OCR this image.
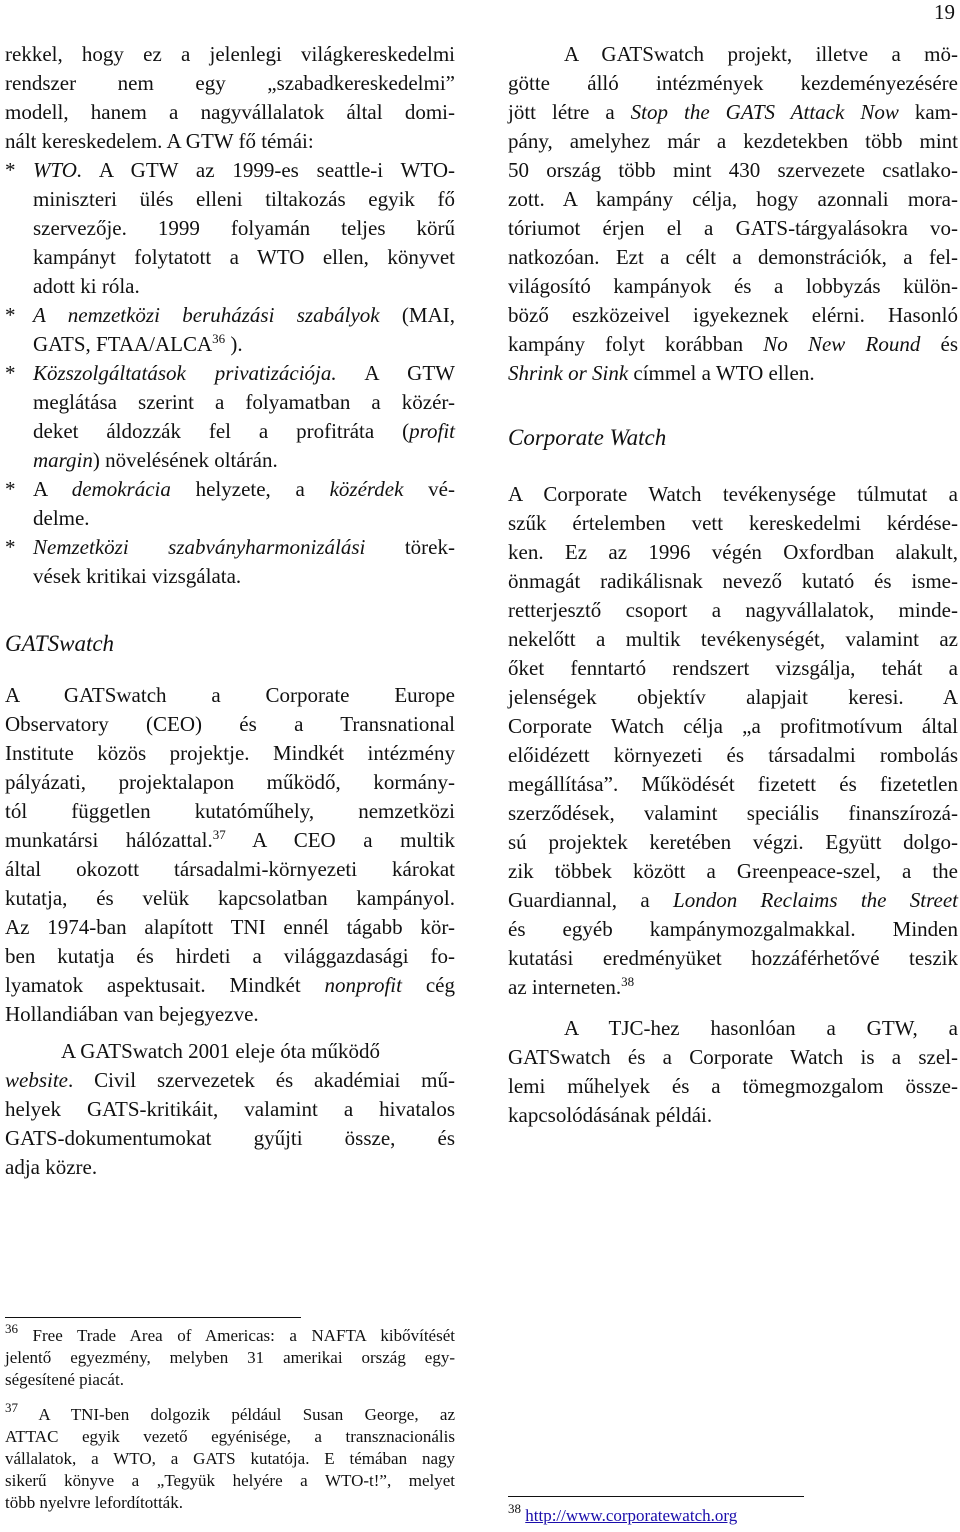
19
rekkel, hogy ez a jelenlegi világkereskedelmi
rendszer nem egy „szabadkereskedelmi”
modell, hanem a nagyvállalatok által domi-
nált kereskedelem. A GTW fő témái:
* WTO. A GTW az 1999-es seattle-i WTO-
miniszteri ülés elleni tiltakozás egyik fő
szervezője. 1999 folyamán teljes körű
kampányt folytatott a WTO ellen, könyvet
adott ki róla.
* A nemzetközi beruházási szabályok (MAI,
GATS, FTAA/ALCA$^{36}$ ).
* Közszolgáltatások privatizációja. A GTW
meglátása szerint a folyamatban a közér-
deket áldozzák fel a profitráta (profit
margin) növelésének oltárán.
* A demokrácia helyzete, a közérdek vé-
delme.
* Nemzetközi szabványharmonizálási törek-
vések kritikai vizsgálata.
GATSwatch
A GATSwatch a Corporate Europe
Observatory (CEO) és a Transnational
Institute közös projektje. Mindkét intézmény
pályázati, projektalapon működő, kormány-
tól független kutatóműhely, nemzetközi
munkatársi hálózattal.$^{37}$ A CEO a multik
által okozott társadalmi-környezeti károkat
kutatja, és velük kapcsolatban kampányol.
Az 1974-ban alapított TNI ennél tágabb kör-
ben kutatja és hirdeti a világgazdasági fo-
lyamatok aspektusait. Mindkét nonprofit cég
Hollandiában van bejegyezve.
A GATSwatch 2001 eleje óta működő
website. Civil szervezetek és akadémiai mű-
helyek GATS-kritikáit, valamint a hivatalos
GATS-dokumentumokat gyűjti össze, és
adja közre.
A GATSwatch projekt, illetve a mö-
götte álló intézmények kezdeményezésére
jött létre a Stop the GATS Attack Now kam-
pány, amelyhez már a kezdetekben több mint
50 ország több mint 430 szervezete csatlako-
zott. A kampány célja, hogy azonnali mora-
tóriumot érjen el a GATS-tárgyalásokra vo-
natkozóan. Ezt a célt a demonstrációk, a fel-
világosító kampányok és a lobbyzás külön-
böző eszközeivel igyekeznek elérni. Hasonló
kampány folyt korábban No New Round és
Shrink or Sink címmel a WTO ellen.
Corporate Watch
A Corporate Watch tevékenysége túlmutat a
szűk értelemben vett kereskedelmi kérdése-
ken. Ez az 1996 végén Oxfordban alakult,
önmagát radikálisnak nevező kutató és isme-
retterjesztő csoport a nagyvállalatok, minde-
nekelőtt a multik tevékenységét, valamint az
őket fenntartó rendszert vizsgálja, tehát a
jelenségek objektív alapjait keresi. A
Corporate Watch célja „a profitmotívum által
előidézett környezeti és társadalmi rombolás
megállítása”. Működését fizetett és fizetetlen
szerződések, valamint speciális finanszírozá-
sú projektek keretében végzi. Együtt dolgo-
zik többek között a Greenpeace-szel, a the
Guardiannal, a London Reclaims the Street
és egyéb kampánymozgalmakkal. Minden
kutatási eredményüket hozzáférhetővé teszik
az interneten.$^{38}$
A TJC-hez hasonlóan a GTW, a
GATSwatch és a Corporate Watch is a szel-
lemi műhelyek és a tömegmozgalom össze-
kapcsolódásának példái.
$^{36}$ Free Trade Area of Americas: a NAFTA kibővítését
jelentő egyezmény, melyben 31 amerikai ország egy-
ségesítené piacát.
$^{37}$ A TNI-ben dolgozik például Susan George, az
ATTAC egyik vezető egyénisége, a transznacionális
vállalatok, a WTO, a GATS kutatója. E témában nagy
sikerű könyve a „Tegyük helyére a WTO-t!”, melyet
több nyelvre lefordították.	$^{38}$ http://www.corporatewatch.org
